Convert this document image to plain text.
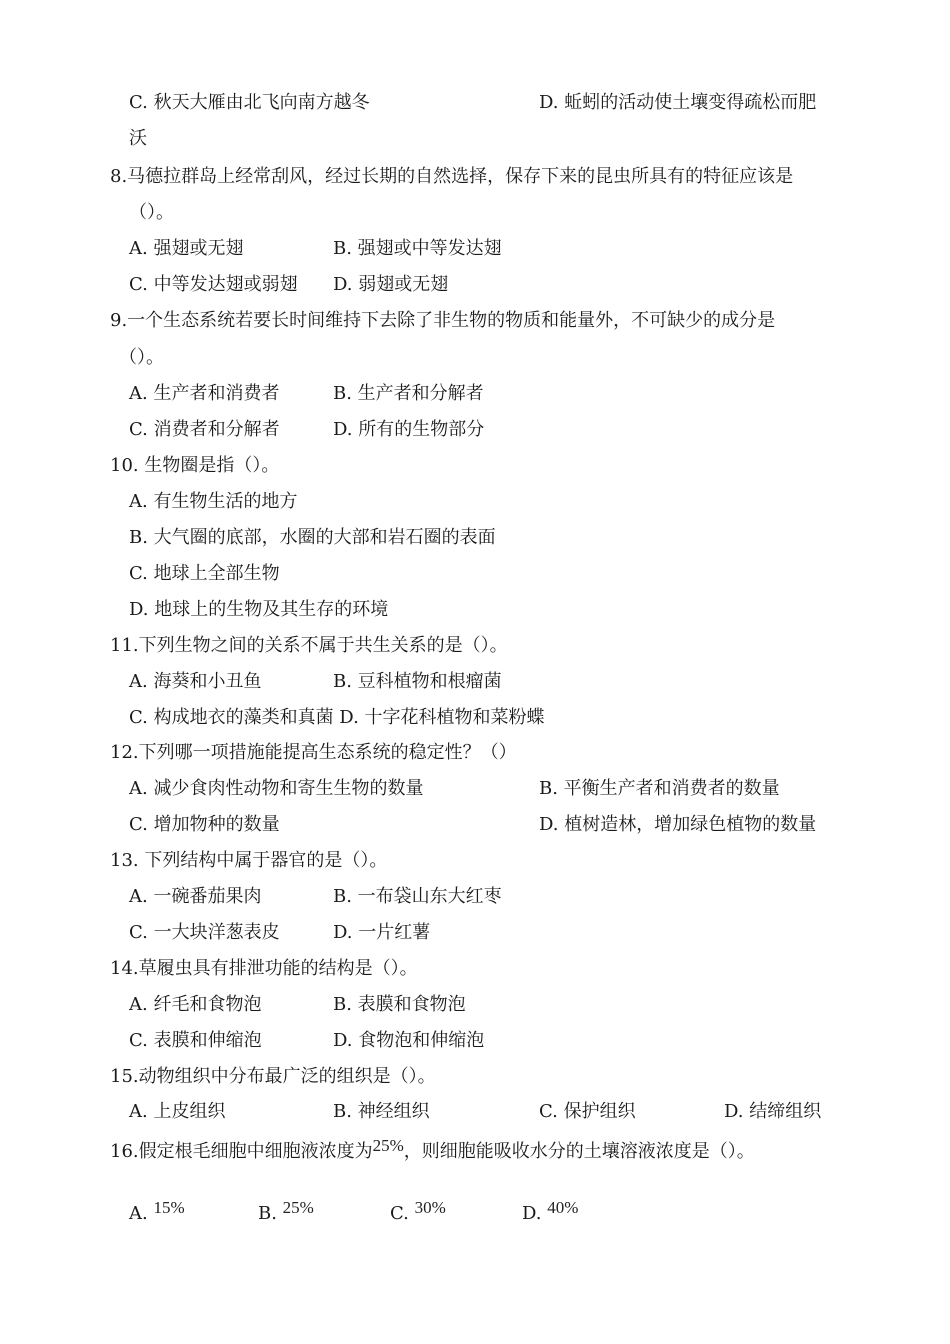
C. 秋天大雁由北飞向南方越冬	D. 蚯蚓的活动使土壤变得疏松而肥
沃
8.马德拉群岛上经常刮风，经过长期的自然选择，保存下来的昆虫所具有的特征应该是
（）。
A. 强翅或无翅	B. 强翅或中等发达翅
C. 中等发达翅或弱翅 D. 弱翅或无翅
9.一个生态系统若要长时间维持下去除了非生物的物质和能量外，不可缺少的成分是
（）。
A. 生产者和消费者	B. 生产者和分解者
C. 消费者和分解者	D. 所有的生物部分
10. 生物圈是指（）。
A. 有生物生活的地方
B. 大气圈的底部，水圈的大部和岩石圈的表面
C. 地球上全部生物
D. 地球上的生物及其生存的环境
11.下列生物之间的关系不属于共生关系的是（）。
A. 海葵和小丑鱼	B. 豆科植物和根瘤菌
C. 构成地衣的藻类和真菌 D. 十字花科植物和菜粉蝶
12.下列哪一项措施能提高生态系统的稳定性？（）
A. 减少食肉性动物和寄生生物的数量	B. 平衡生产者和消费者的数量
C. 增加物种的数量	D. 植树造林，增加绿色植物的数量
13. 下列结构中属于器官的是（）。
A. 一碗番茄果肉	B. 一布袋山东大红枣
C. 一大块洋葱表皮	D. 一片红薯
14.草履虫具有排泄功能的结构是（）。
A. 纤毛和食物泡	B. 表膜和食物泡
C. 表膜和伸缩泡	D. 食物泡和伸缩泡
15.动物组织中分布最广泛的组织是（）。
A. 上皮组织	B. 神经组织	C. 保护组织	D. 结缔组织
16.假定根毛细胞中细胞液浓度为25%，则细胞能吸收水分的土壤溶液浓度是（）。
A. 15%	B. 25%	C. 30%	D. 40%
